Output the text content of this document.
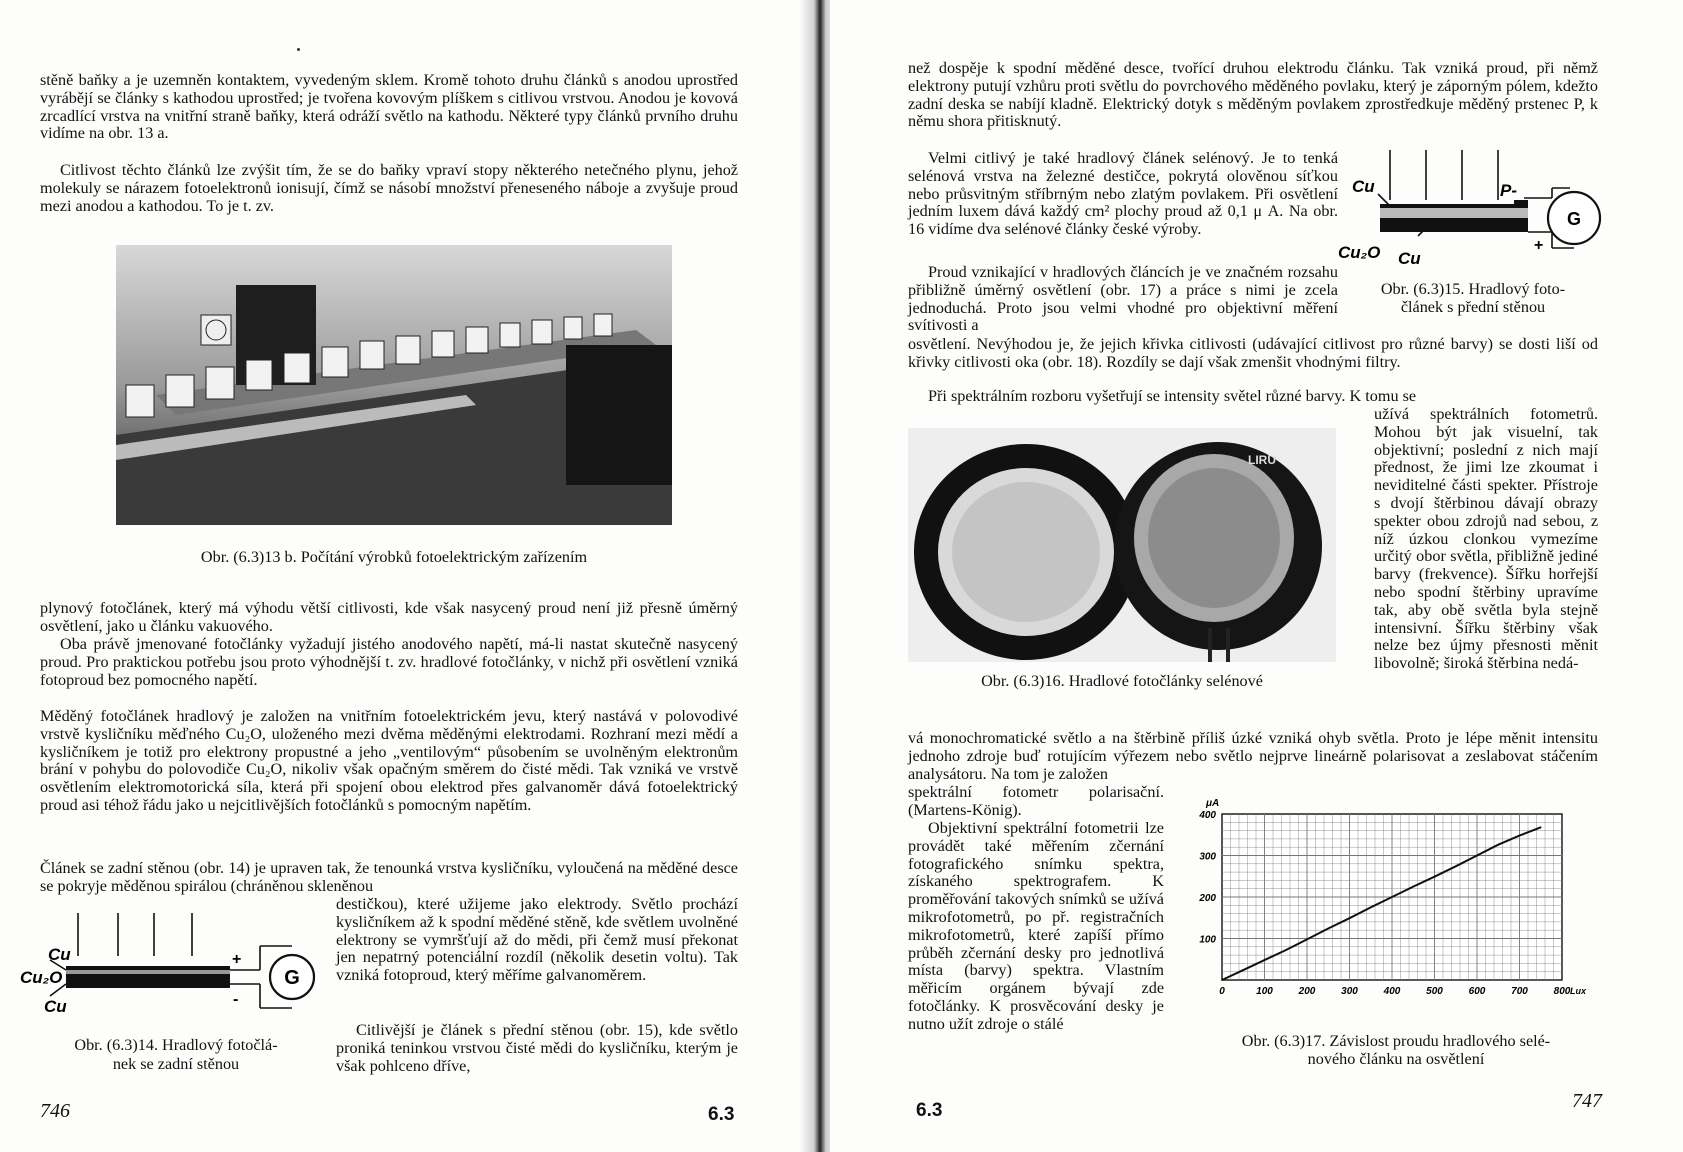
stěně baňky a je uzemněn kontaktem, vyvedeným sklem. Kromě tohoto druhu článků s anodou uprostřed vyrábějí se články s kathodou uprostřed; je tvořena kovovým plíškem s citlivou vrstvou. Anodou je kovová zrcadlící vrstva na vnitřní straně baňky, která odráží světlo na kathodu. Některé typy článků prvního druhu vidíme na obr. 13 a.

Citlivost těchto článků lze zvýšit tím, že se do baňky vpraví stopy některého netečného plynu, jehož molekuly se nárazem fotoelektronů ionisují, čímž se násobí množství přeneseného náboje a zvyšuje proud mezi anodou a kathodou. To je t. zv.

Obr. (6.3)13 b. Počítání výrobků fotoelektrickým zařízením

plynový fotočlánek, který má výhodu větší citlivosti, kde však nasycený proud není již přesně úměrný osvětlení, jako u článku vakuového.

Oba právě jmenované fotočlánky vyžadují jistého anodového napětí, má-li nastat skutečně nasycený proud. Pro praktickou potřebu jsou proto výhodnější t. zv. hradlové fotočlánky, v nichž při osvětlení vzniká fotoproud bez pomocného napětí.

Měděný fotočlánek hradlový je založen na vnitřním fotoelektrickém jevu, který nastává v polovodivé vrstvě kysličníku měďného Cu₂O, uloženého mezi dvěma měděnými elektrodami. Rozhraní mezi mědí a kysličníkem je totiž pro elektrony propustné a jeho „ventilovým“ působením se uvolněným elektronům brání v pohybu do polovodiče Cu₂O, nikoliv však opačným směrem do čisté mědi. Tak vzniká ve vrstvě osvětlením elektromotorická síla, která při spojení obou elektrod přes galvanoměr dává fotoelektrický proud asi téhož řádu jako u nejcitlivějších fotočlánků s pomocným napětím.

Článek se zadní stěnou (obr. 14) je upraven tak, že tenounká vrstva kysličníku, vyloučená na měděné desce se pokryje měděnou spirálou (chráněnou skleněnou

G
Cu
Cu₂O
Cu
+
-

Obr. (6.3)14. Hradlový fotočlá-

nek se zadní stěnou

destičkou), které užijeme jako elektrody. Světlo prochází kysličníkem až k spodní měděné stěně, kde světlem uvolněné elektrony se vymršťují až do mědi, při čemž musí překonat jen nepatrný potenciální rozdíl (několik desetin voltu). Tak vzniká fotoproud, který měříme galvanoměrem.

Citlivější je článek s přední stěnou (obr. 15), kde světlo proniká teninkou vrstvou čisté mědi do kysličníku, kterým je však pohlceno dříve,

746	6.3

než dospěje k spodní měděné desce, tvořící druhou elektrodu článku. Tak vzniká proud, při němž elektrony putují vzhůru proti světlu do povrchového měděného povlaku, který je záporným pólem, kdežto zadní deska se nabíjí kladně. Elektrický dotyk s měděným povlakem zprostředkuje měděný prstenec P, k němu shora přitisknutý.

Velmi citlivý je také hradlový článek selénový. Je to tenká selénová vrstva na železné destičce, pokrytá olověnou síťkou nebo průsvitným stříbrným nebo zlatým povlakem. Při osvětlení jedním luxem dává každý cm² plochy proud až 0,1 μ A. Na obr. 16 vidíme dva selénové články české výroby.

Proud vznikající v hradlových článcích je ve značném rozsahu přibližně úměrný osvětlení (obr. 17) a práce s nimi je zcela jednoduchá. Proto jsou velmi vhodné pro objektivní měření svítivosti a

G
Cu	P-
Cu₂O Cu
+

Obr. (6.3)15. Hradlový foto-

článek s přední stěnou

osvětlení. Nevýhodou je, že jejich křivka citlivosti (udávající citlivost pro různé barvy) se dosti liší od křivky citlivosti oka (obr. 18). Rozdíly se dají však zmenšit vhodnými filtry.

Při spektrálním rozboru vyšetřují se intensity světel různé barvy. K tomu se

LIRU

Obr. (6.3)16. Hradlové fotočlánky selénové

užívá spektrálních fotometrů. Mohou být jak visuelní, tak objektivní; poslední z nich mají přednost, že jimi lze zkoumat i neviditelné části spekter. Přístroje s dvojí štěrbinou dávají obrazy spekter obou zdrojů nad sebou, z níž úzkou clonkou vymezíme určitý obor světla, přibližně jediné barvy (frekvence). Šířku horřejší nebo spodní štěrbiny upravíme tak, aby obě světla byla stejně intensivní. Šířku štěrbiny však nelze bez újmy přesnosti měnit libovolně; široká štěrbina nedá-

vá monochromatické světlo a na štěrbině příliš úzké vzniká ohyb světla. Proto je lépe měnit intensitu jednoho zdroje buď rotujícím výřezem nebo světlo nejprve lineárně polarisovat a zeslabovat stáčením analysátoru. Na tom je založen

spektrální fotometr polarisační. (Martens-König).

Objektivní spektrální fotometrii lze provádět také měřením zčernání fotografického snímku spektra, získaného spektrografem. K proměřování takových snímků se užívá mikrofotometrů, po př. registračních mikrofotometrů, které zapíší přímo průběh zčernání desky pro jednotlivá místa (barvy) spektra. Vlastním měřicím orgánem bývají zde fotočlánky. K prosvěcování desky je nutno užít zdroje o stálé

0	100	200	300	400	500	600	700	800 Lux
100
200
300
400
μA

Obr. (6.3)17. Závislost proudu hradlového selé-

nového článku na osvětlení

6.3	747
